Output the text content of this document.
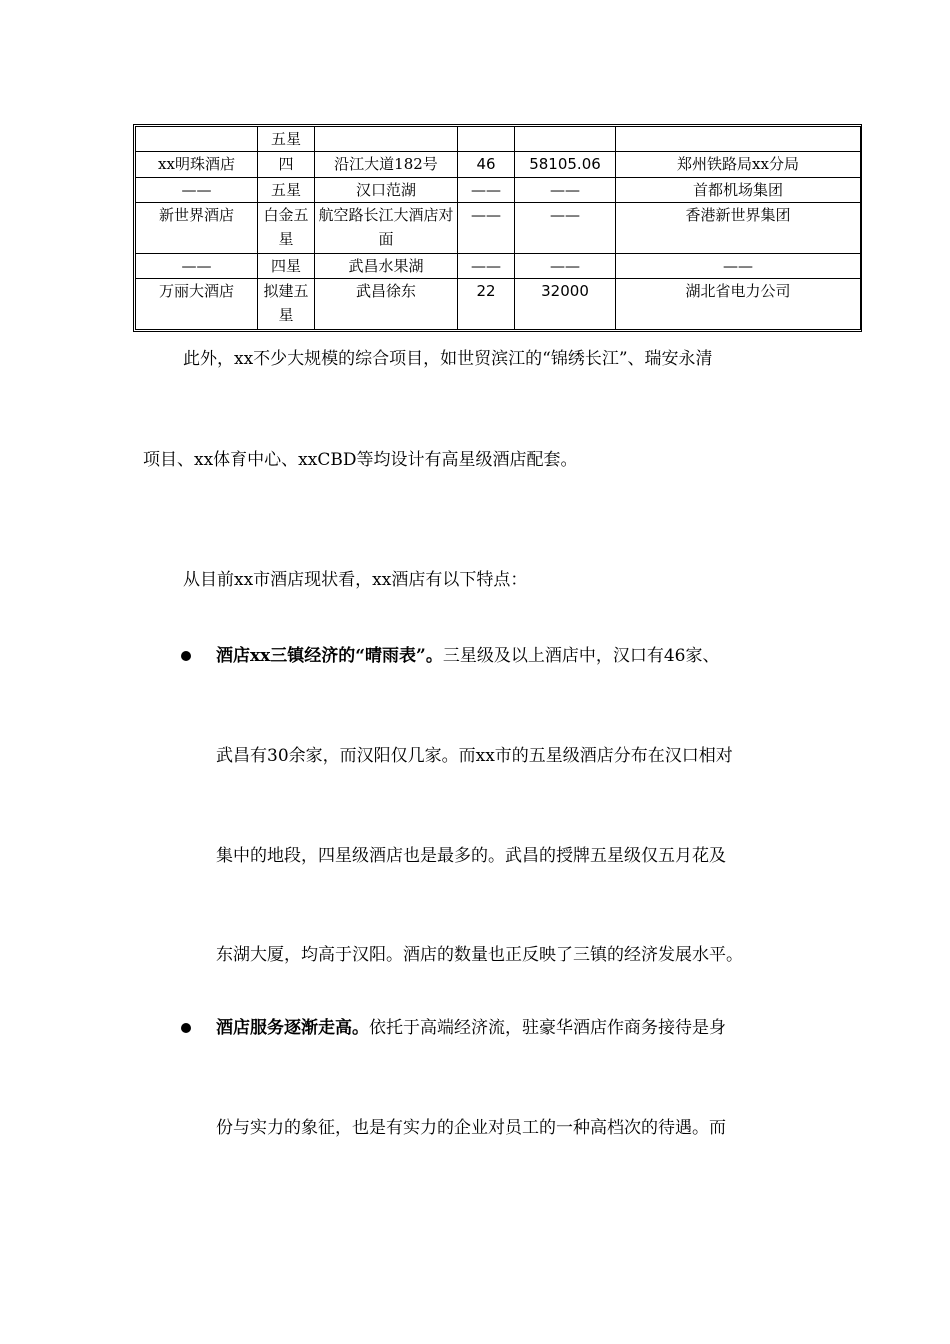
	五星				
xx明珠酒店	四	沿江大道182号	46	58105.06	郑州铁路局xx分局
——	五星	汉口范湖	——	——	首都机场集团
新世界酒店	白金五星	航空路长江大酒店对面	——	——	香港新世界集团
——	四星	武昌水果湖	——	——	——
万丽大酒店	拟建五星	武昌徐东	22	32000	湖北省电力公司
此外，xx不少大规模的综合项目，如世贸滨江的“锦绣长江”、瑞安永清
项目、xx体育中心、xxCBD等均设计有高星级酒店配套。
从目前xx市酒店现状看，xx酒店有以下特点：
酒店xx三镇经济的“晴雨表”。三星级及以上酒店中，汉口有46家、
武昌有30余家，而汉阳仅几家。而xx市的五星级酒店分布在汉口相对
集中的地段，四星级酒店也是最多的。武昌的授牌五星级仅五月花及
东湖大厦，均高于汉阳。酒店的数量也正反映了三镇的经济发展水平。
酒店服务逐渐走高。依托于高端经济流，驻豪华酒店作商务接待是身
份与实力的象征，也是有实力的企业对员工的一种高档次的待遇。而
